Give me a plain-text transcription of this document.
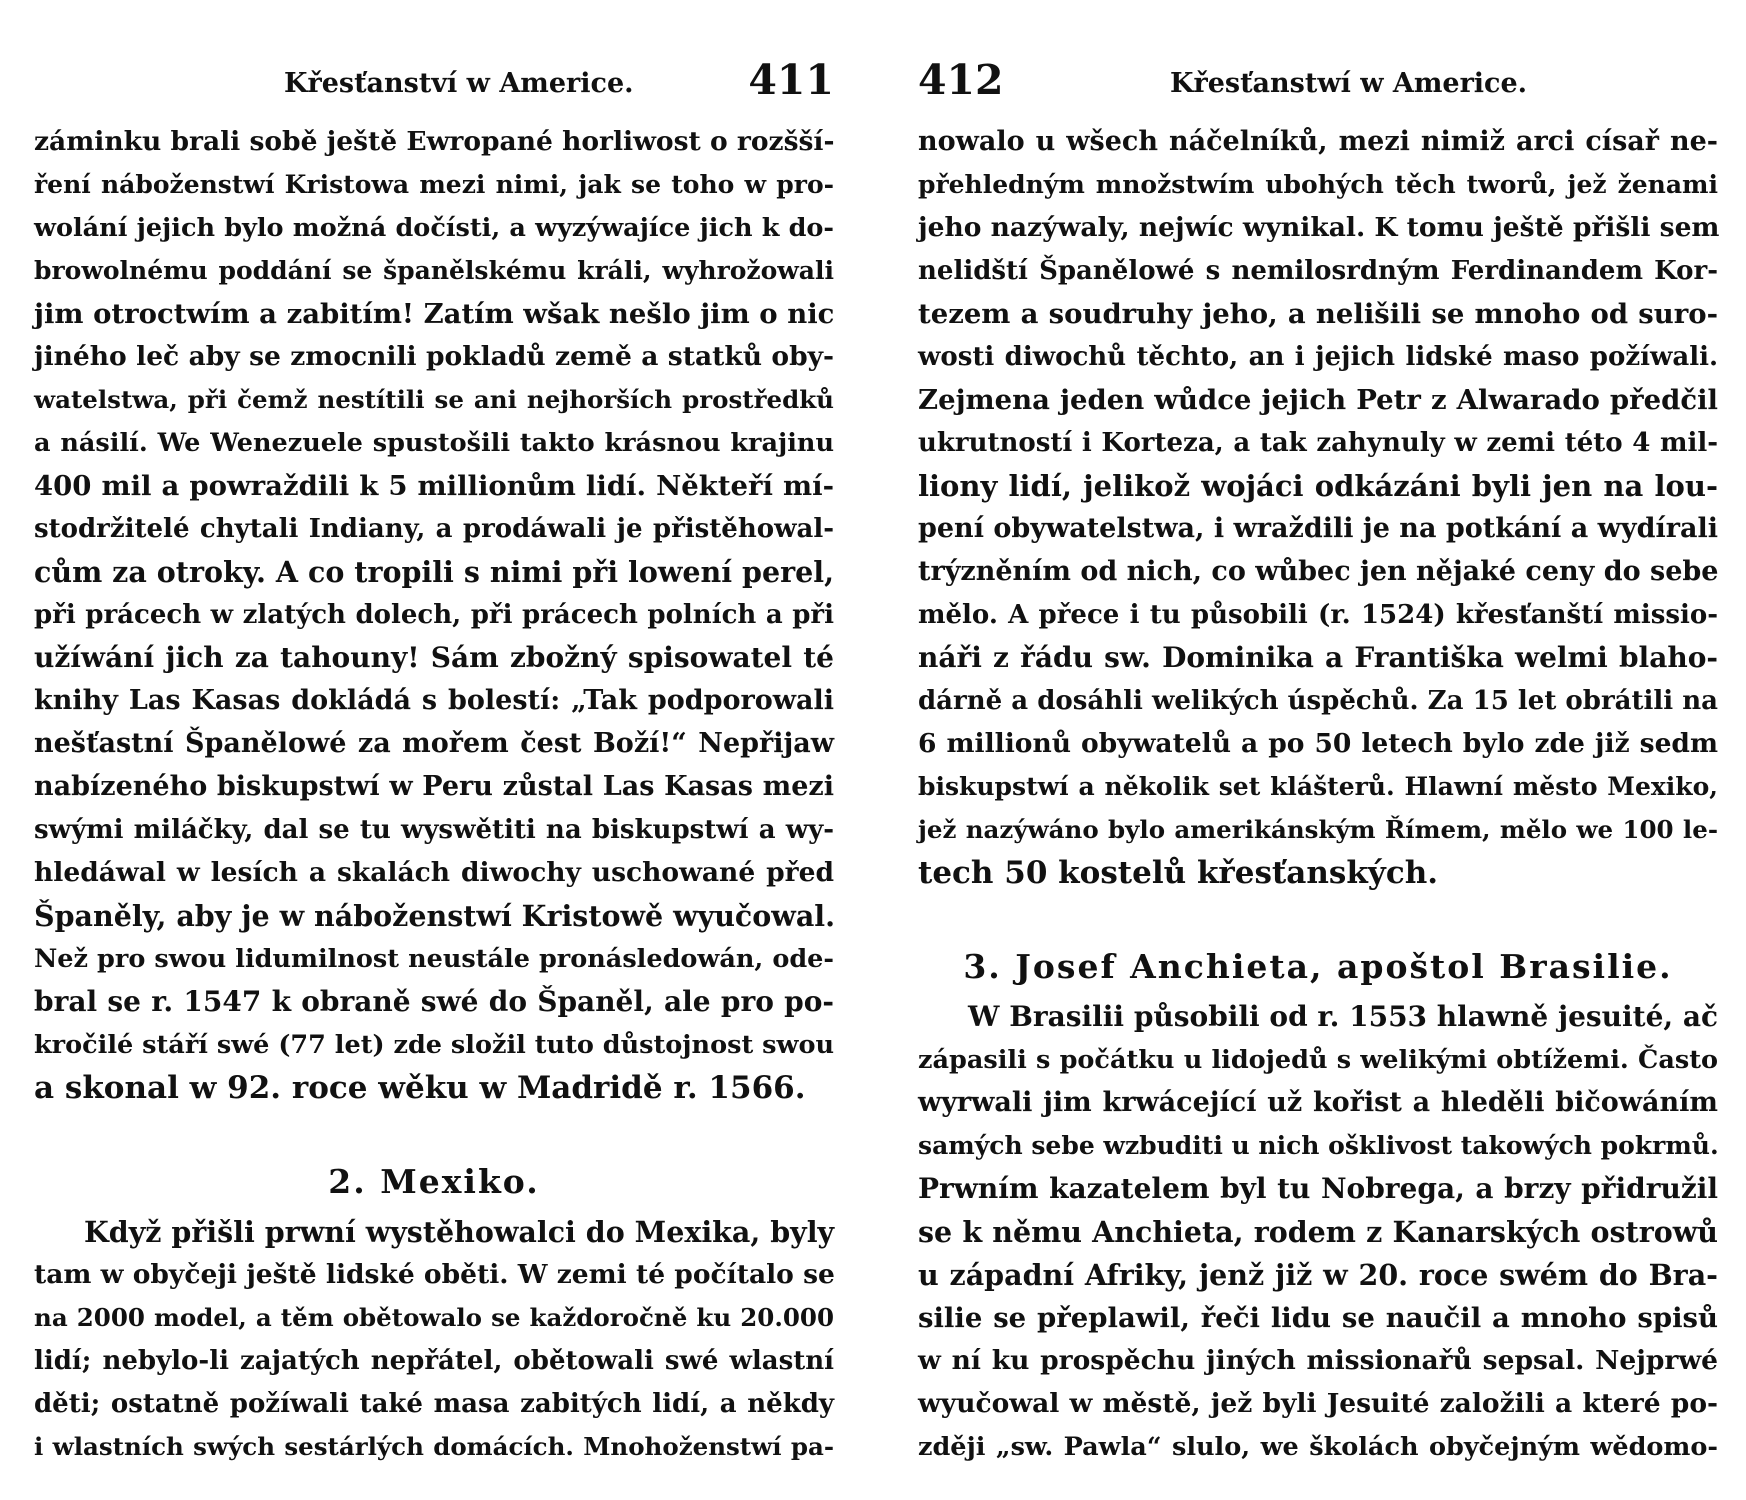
Křesťanství w Americe.	411
záminku brali sobě ještě Ewropané horliwost o rozšší-
ření náboženstwí Kristowa mezi nimi, jak se toho w pro-
wolání jejich bylo možná dočísti, a wyzýwajíce jich k do-
browolnému poddání se španělskému králi, wyhrožowali
jim otroctwím a zabitím! Zatím wšak nešlo jim o nic
jiného leč aby se zmocnili pokladů země a statků oby-
watelstwa, při čemž nestítili se ani nejhorších prostředků
a násilí. We Wenezuele spustošili takto krásnou krajinu
400 mil a powraždili k 5 millionům lidí. Někteří mí-
stodržitelé chytali Indiany, a prodáwali je přistěhowal-
cům za otroky. A co tropili s nimi při lowení perel,
při prácech w zlatých dolech, při prácech polních a při
užíwání jich za tahouny! Sám zbožný spisowatel té
knihy Las Kasas dokládá s bolestí: „Tak podporowali
nešťastní Španělowé za mořem čest Boží!“ Nepřijaw
nabízeného biskupstwí w Peru zůstal Las Kasas mezi
swými miláčky, dal se tu wyswětiti na biskupstwí a wy-
hledáwal w lesích a skalách diwochy uschowané před
Španěly, aby je w náboženstwí Kristowě wyučowal.
Než pro swou lidumilnost neustále pronásledowán, ode-
bral se r. 1547 k obraně swé do Španěl, ale pro po-
kročilé stáří swé (77 let) zde složil tuto důstojnost swou
a skonal w 92. roce wěku w Madridě r. 1566.
2. Mexiko.
Když přišli prwní wystěhowalci do Mexika, byly
tam w obyčeji ještě lidské oběti. W zemi té počítalo se
na 2000 model, a těm obětowalo se každoročně ku 20.000
lidí; nebylo-li zajatých nepřátel, obětowali swé wlastní
děti; ostatně požíwali také masa zabitých lidí, a někdy
i wlastních swých sestárlých domácích. Mnohoženstwí pa-
412	Křesťanstwí w Americe.
nowalo u wšech náčelníků, mezi nimiž arci císař ne-
přehledným množstwím ubohých těch tworů, jež ženami
jeho nazýwaly, nejwíc wynikal. K tomu ještě přišli sem
nelidští Španělowé s nemilosrdným Ferdinandem Kor-
tezem a soudruhy jeho, a nelišili se mnoho od suro-
wosti diwochů těchto, an i jejich lidské maso požíwali.
Zejmena jeden wůdce jejich Petr z Alwarado předčil
ukrutností i Korteza, a tak zahynuly w zemi této 4 mil-
liony lidí, jelikož wojáci odkázáni byli jen na lou-
pení obywatelstwa, i wraždili je na potkání a wydírali
trýzněním od nich, co wůbec jen nějaké ceny do sebe
mělo. A přece i tu působili (r. 1524) křesťanští missio-
náři z řádu sw. Dominika a Františka welmi blaho-
dárně a dosáhli welikých úspěchů. Za 15 let obrátili na
6 millionů obywatelů a po 50 letech bylo zde již sedm
biskupstwí a několik set klášterů. Hlawní město Mexiko,
jež nazýwáno bylo amerikánským Římem, mělo we 100 le-
tech 50 kostelů křesťanských.
3. Josef Anchieta, apoštol Brasilie.
W Brasilii působili od r. 1553 hlawně jesuité, ač
zápasili s počátku u lidojedů s welikými obtížemi. Často
wyrwali jim krwácející už kořist a hleděli bičowáním
samých sebe wzbuditi u nich ošklivost takowých pokrmů.
Prwním kazatelem byl tu Nobrega, a brzy přidružil
se k němu Anchieta, rodem z Kanarských ostrowů
u západní Afriky, jenž již w 20. roce swém do Bra-
silie se přeplawil, řeči lidu se naučil a mnoho spisů
w ní ku prospěchu jiných missionařů sepsal. Nejprwé
wyučowal w městě, jež byli Jesuité založili a které po-
zději „sw. Pawla“ slulo, we školách obyčejným wědomo-
